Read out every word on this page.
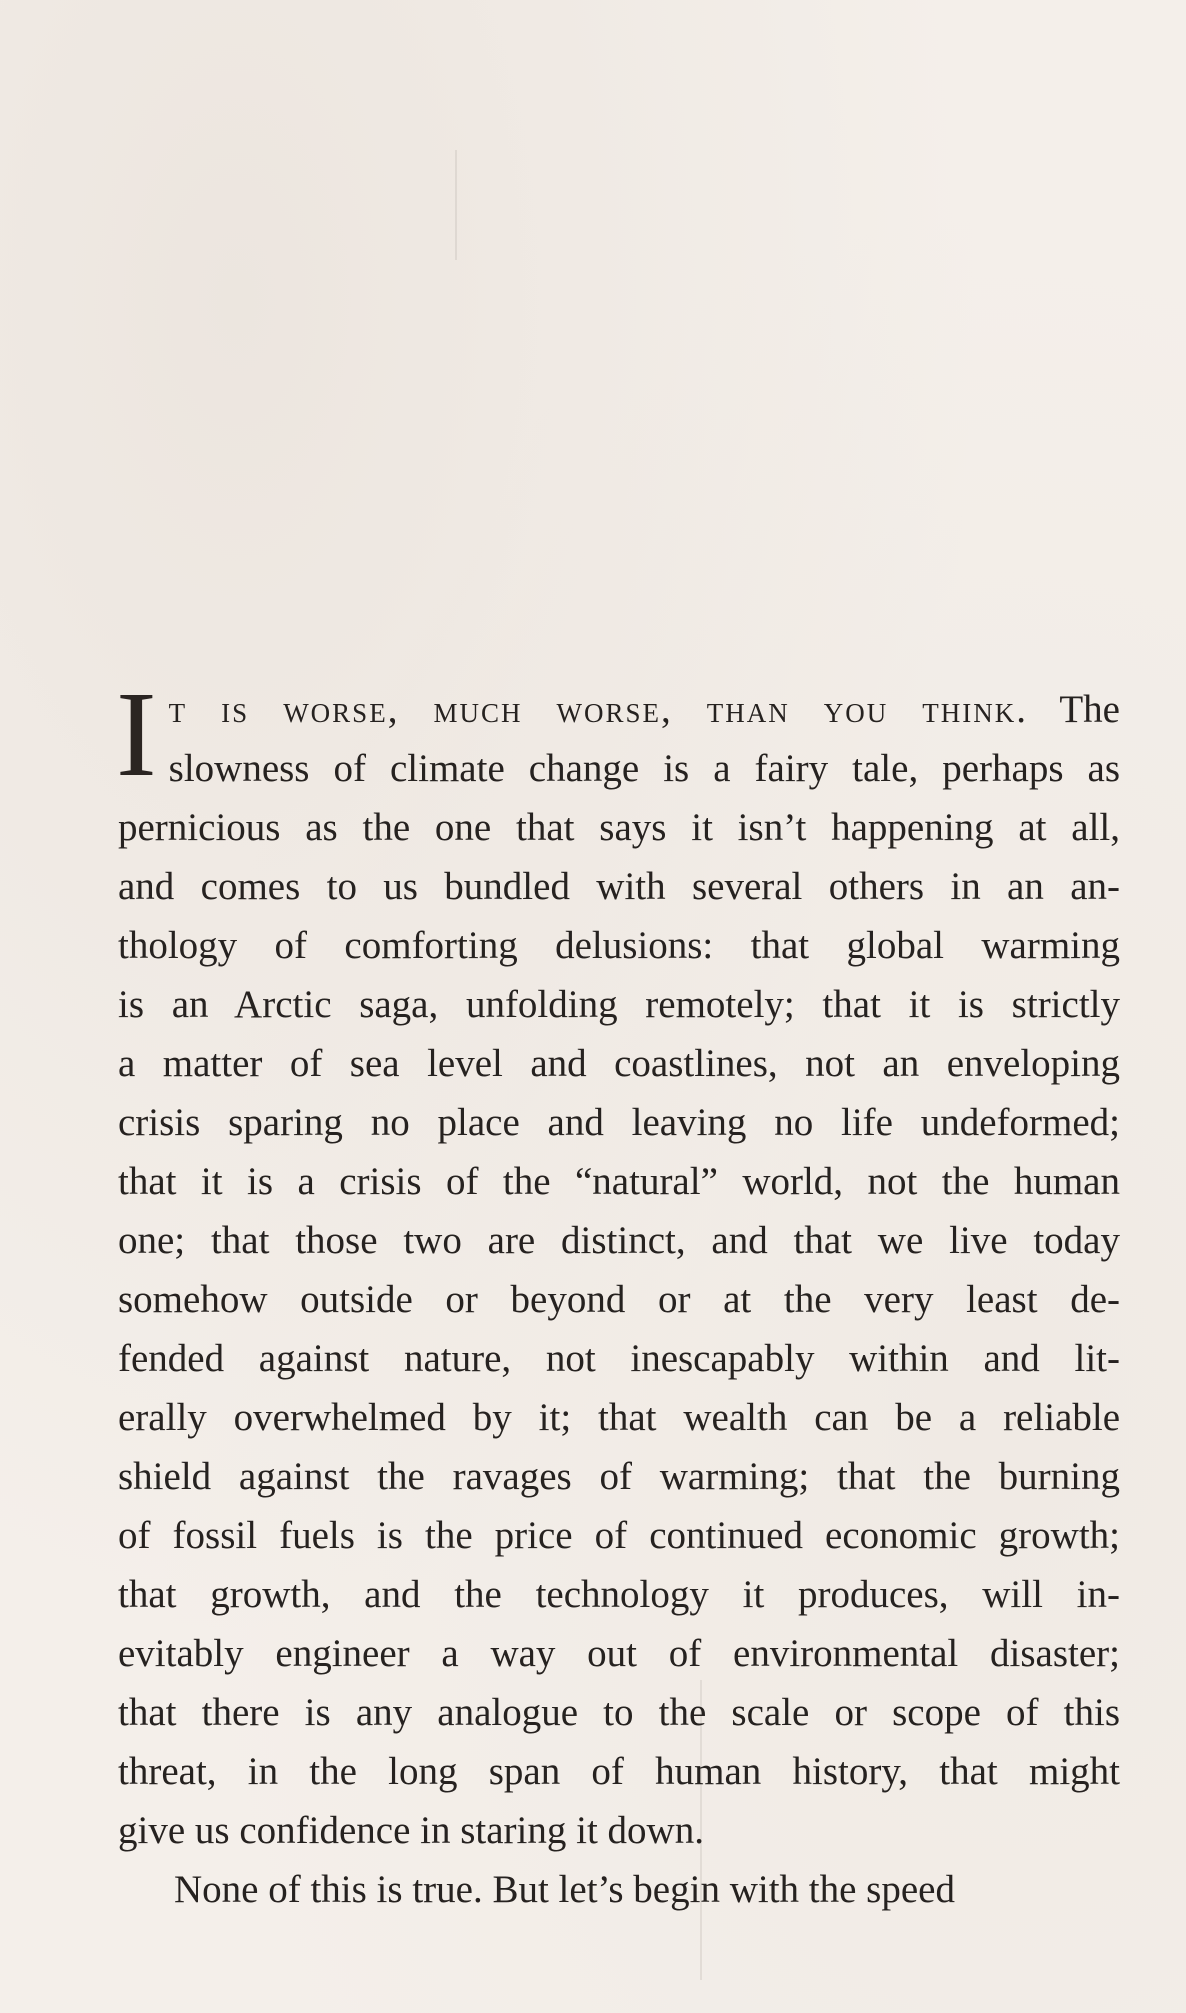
I t is worse, much worse, than you think. The
slowness of climate change is a fairy tale, perhaps as
pernicious as the one that says it isn’t happening at all,
and comes to us bundled with several others in an an-
thology of comforting delusions: that global warming
is an Arctic saga, unfolding remotely; that it is strictly
a matter of sea level and coastlines, not an enveloping
crisis sparing no place and leaving no life undeformed;
that it is a crisis of the “natural” world, not the human
one; that those two are distinct, and that we live today
somehow outside or beyond or at the very least de-
fended against nature, not inescapably within and lit-
erally overwhelmed by it; that wealth can be a reliable
shield against the ravages of warming; that the burning
of fossil fuels is the price of continued economic growth;
that growth, and the technology it produces, will in-
evitably engineer a way out of environmental disaster;
that there is any analogue to the scale or scope of this
threat, in the long span of human history, that might
give us confidence in staring it down.
None of this is true. But let’s begin with the speed
